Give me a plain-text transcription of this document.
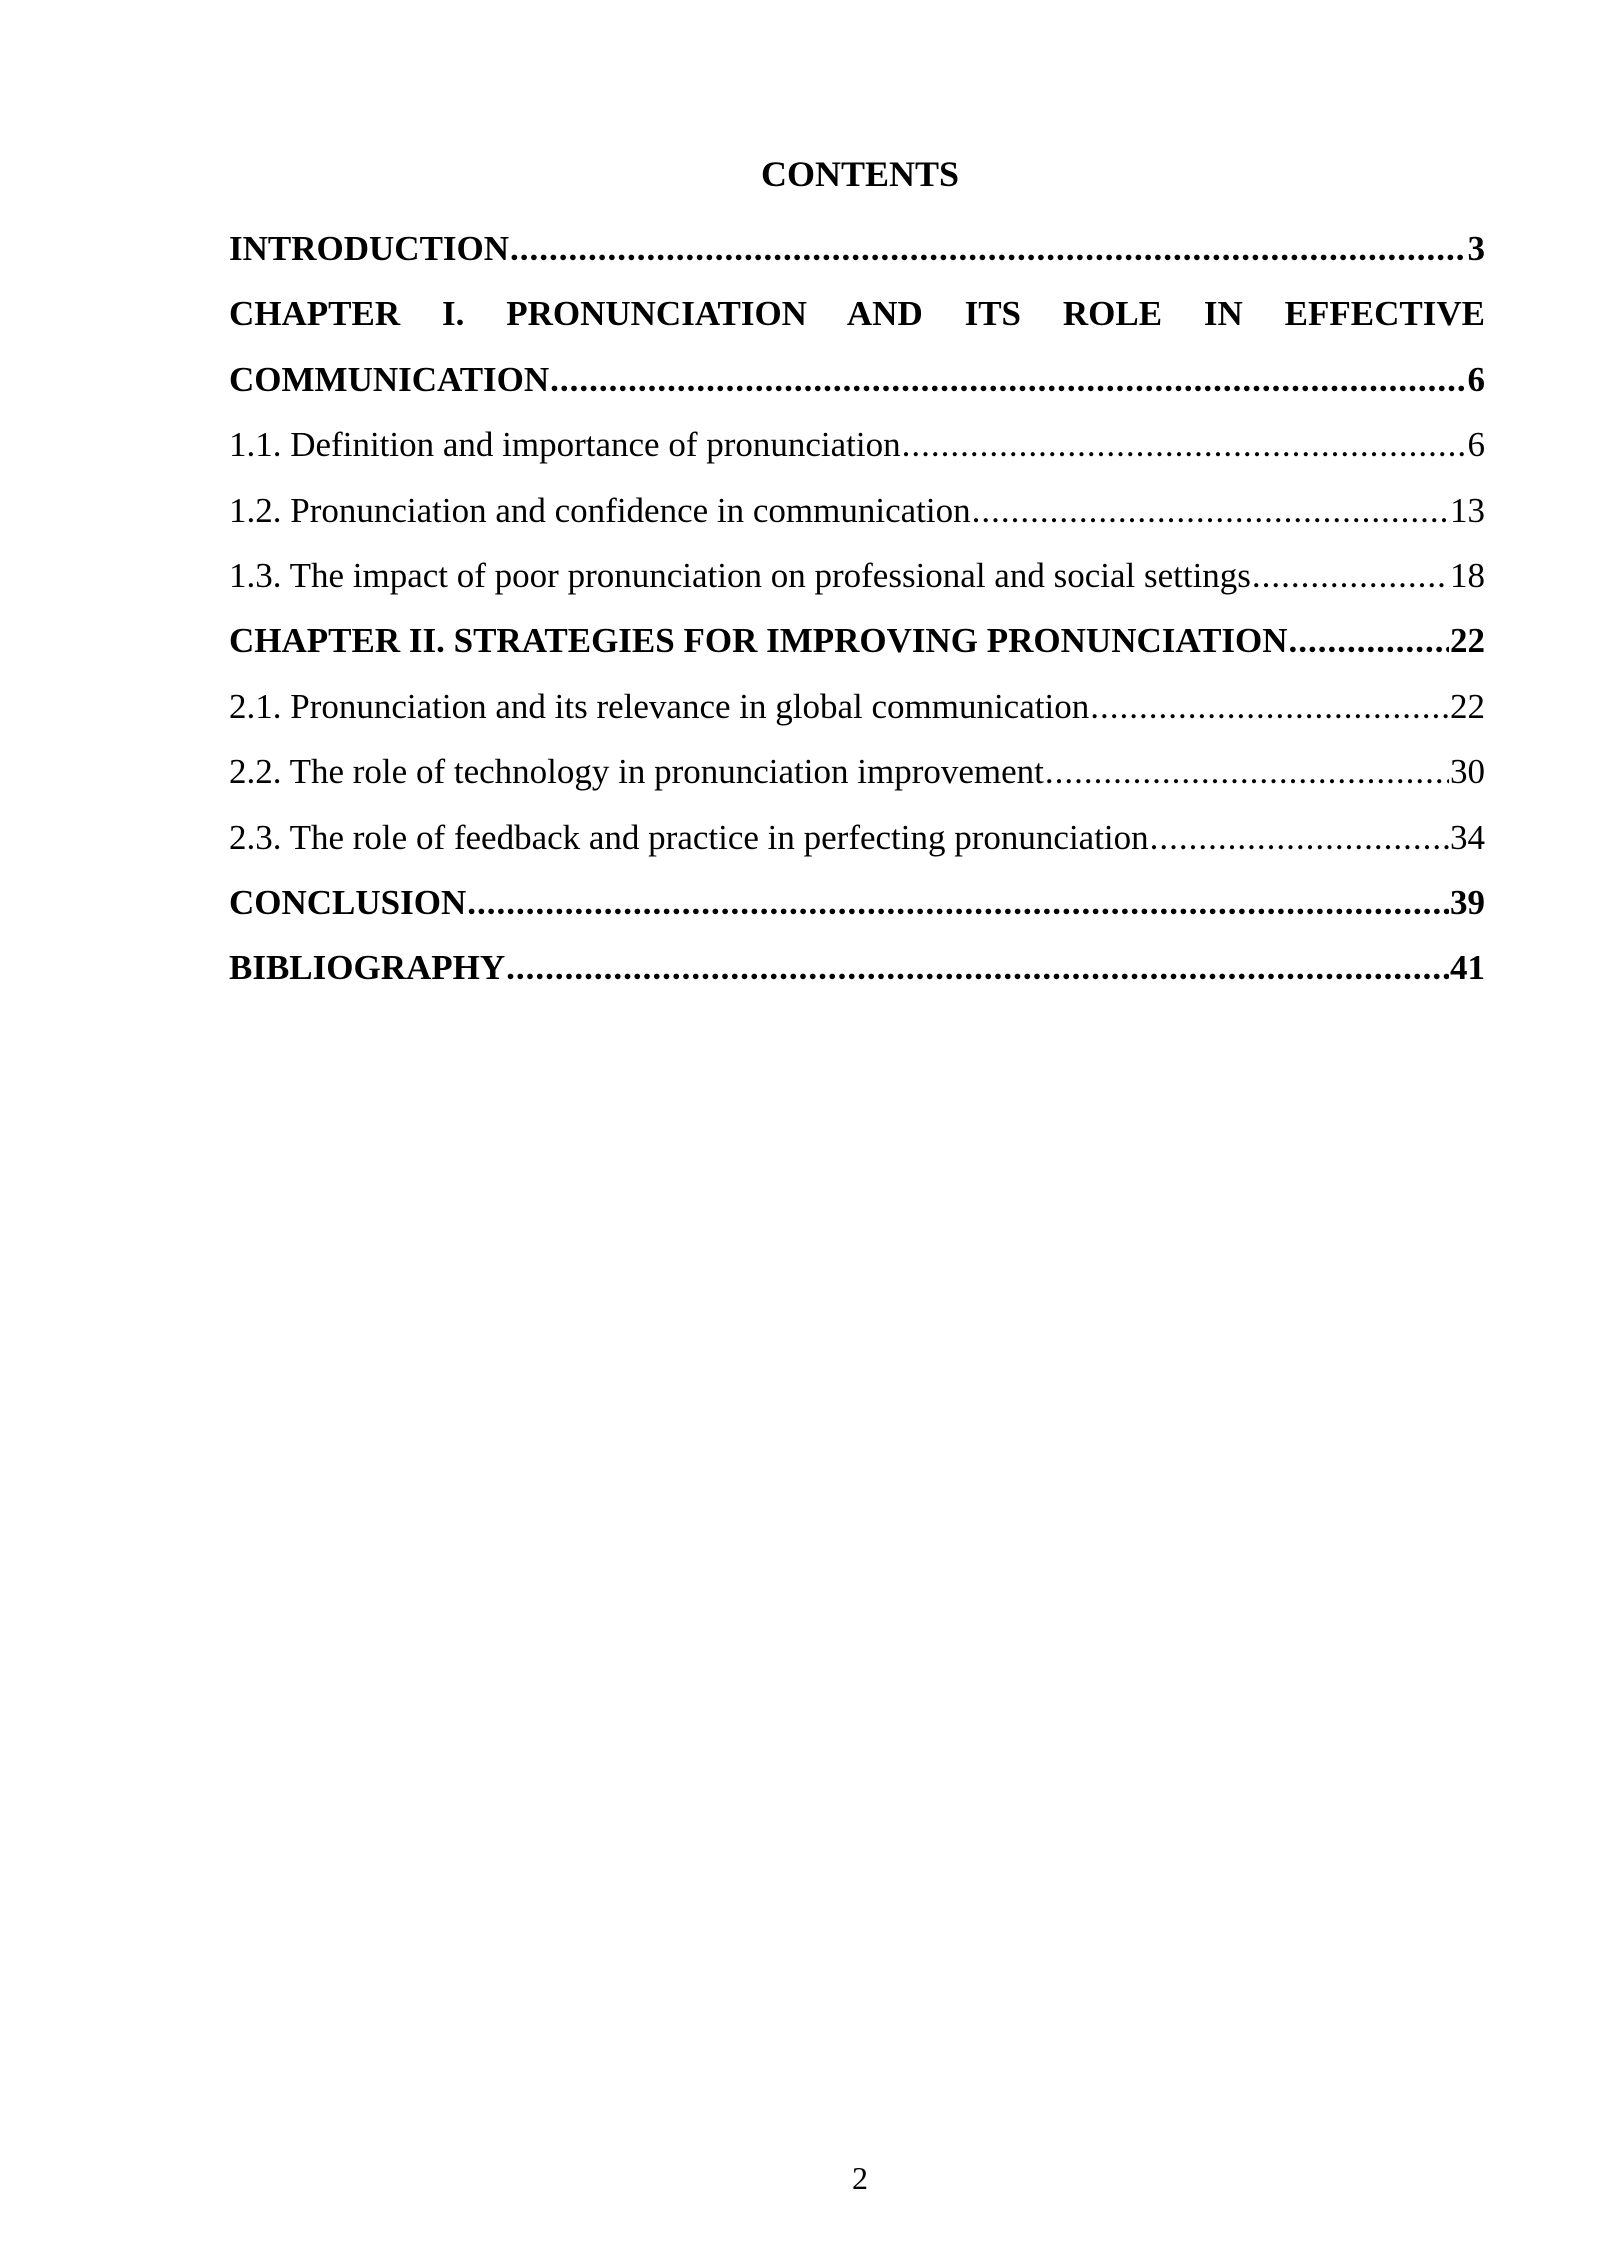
CONTENTS
INTRODUCTION .....	3
CHAPTER I. PRONUNCIATION AND ITS ROLE IN EFFECTIVE
COMMUNICATION .....	6
1.1. Definition and importance of pronunciation .....	6
1.2. Pronunciation and confidence in communication .....	13
1.3. The impact of poor pronunciation on professional and social settings .....	18
CHAPTER II. STRATEGIES FOR IMPROVING PRONUNCIATION .....	22
2.1. Pronunciation and its relevance in global communication .....	22
2.2. The role of technology in pronunciation improvement .....	30
2.3. The role of feedback and practice in perfecting pronunciation .....	34
CONCLUSION .....	39
BIBLIOGRAPHY .....	41
2
